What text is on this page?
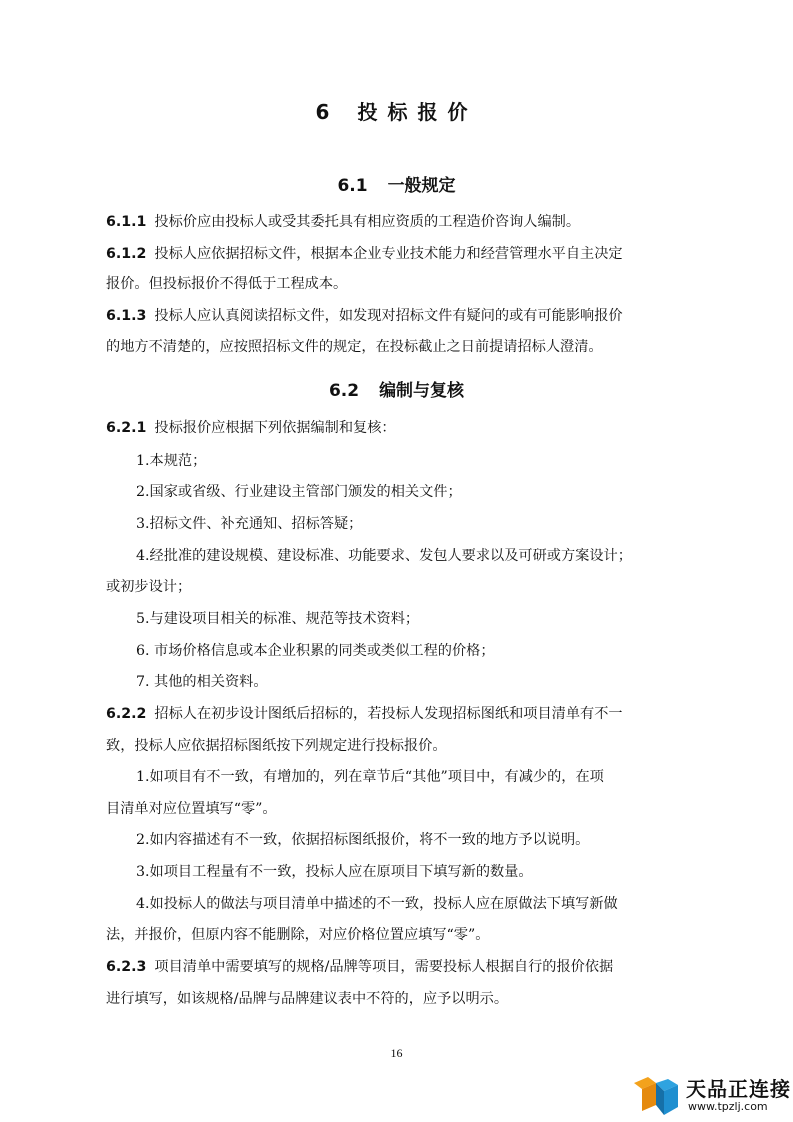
6 投标报价
6.1 一般规定
6.1.1 投标价应由投标人或受其委托具有相应资质的工程造价咨询人编制。
6.1.2 投标人应依据招标文件，根据本企业专业技术能力和经营管理水平自主决定
报价。但投标报价不得低于工程成本。
6.1.3 投标人应认真阅读招标文件，如发现对招标文件有疑问的或有可能影响报价
的地方不清楚的，应按照招标文件的规定，在投标截止之日前提请招标人澄清。
6.2 编制与复核
6.2.1 投标报价应根据下列依据编制和复核：
1.本规范；
2.国家或省级、行业建设主管部门颁发的相关文件；
3.招标文件、补充通知、招标答疑；
4.经批准的建设规模、建设标准、功能要求、发包人要求以及可研或方案设计；
或初步设计；
5.与建设项目相关的标准、规范等技术资料；
6. 市场价格信息或本企业积累的同类或类似工程的价格；
7. 其他的相关资料。
6.2.2 招标人在初步设计图纸后招标的，若投标人发现招标图纸和项目清单有不一
致，投标人应依据招标图纸按下列规定进行投标报价。
1.如项目有不一致，有增加的，列在章节后“其他”项目中，有减少的，在项
目清单对应位置填写“零”。
2.如内容描述有不一致，依据招标图纸报价，将不一致的地方予以说明。
3.如项目工程量有不一致，投标人应在原项目下填写新的数量。
4.如投标人的做法与项目清单中描述的不一致，投标人应在原做法下填写新做
法，并报价，但原内容不能删除，对应价格位置应填写“零”。
6.2.3 项目清单中需要填写的规格/品牌等项目，需要投标人根据自行的报价依据
进行填写，如该规格/品牌与品牌建议表中不符的，应予以明示。
16
天品正连接
www.tpzlj.com
